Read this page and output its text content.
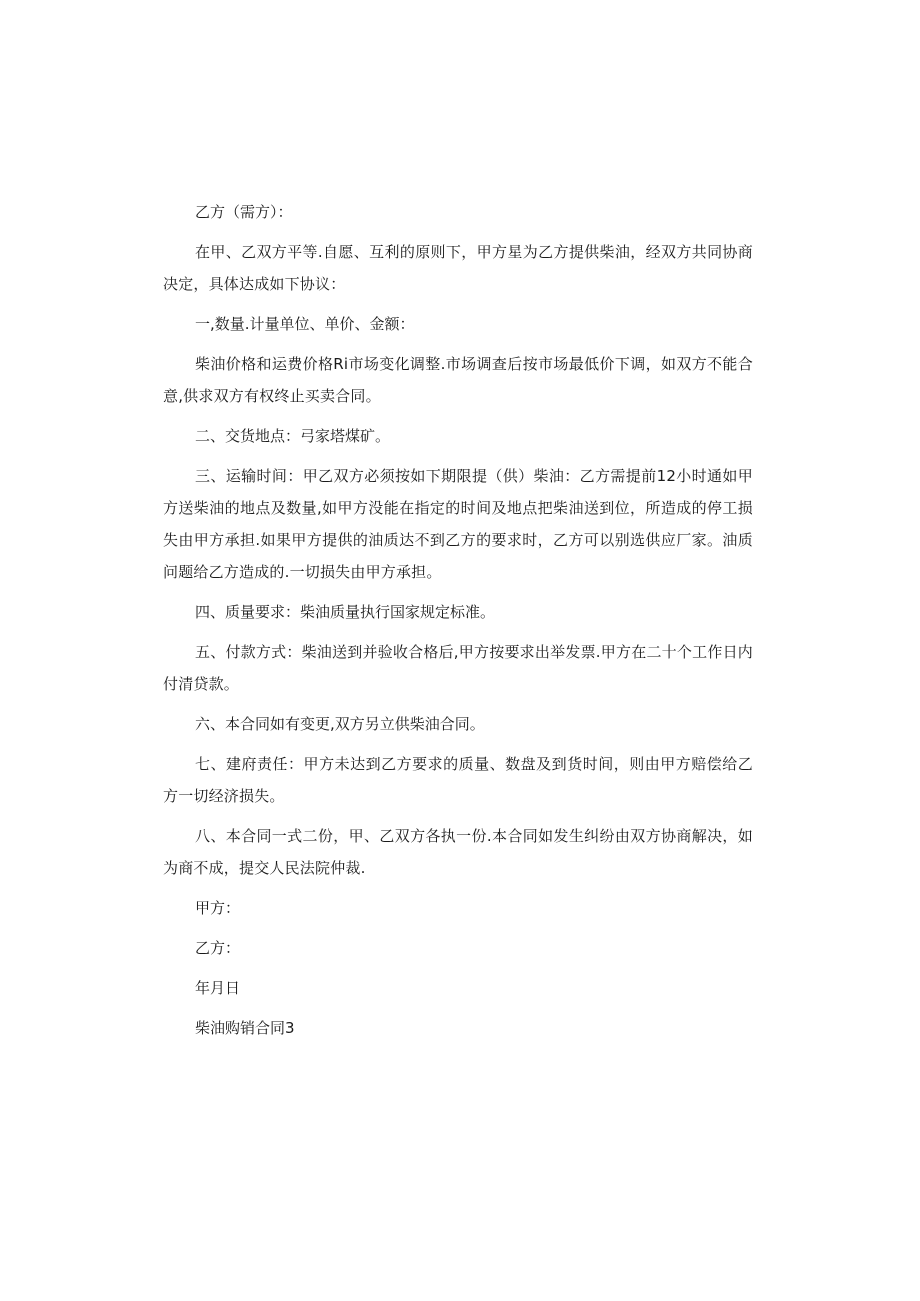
乙方（需方）：

在甲、乙双方平等.自愿、互利的原则下，甲方星为乙方提供柴油，经双方共同协商决定，具体达成如下协议：

一,数量.计量单位、单价、金额：

柴油价格和运费价格Ri市场变化调整.市场调查后按市场最低价下调，如双方不能合意,供求双方有权终止买卖合同。

二、交货地点：弓家塔煤矿。

三、运输时间：甲乙双方必须按如下期限提（供）柴油：乙方需提前12小时通如甲方送柴油的地点及数量,如甲方没能在指定的时间及地点把柴油送到位，所造成的停工损失由甲方承担.如果甲方提供的油质达不到乙方的要求时，乙方可以别选供应厂家。油质问题给乙方造成的.一切损失由甲方承担。

四、质量要求：柴油质量执行国家规定标准。

五、付款方式：柴油送到并验收合格后,甲方按要求出举发票.甲方在二十个工作日内付清贷款。

六、本合同如有变更,双方另立供柴油合同。

七、建府责任：甲方未达到乙方要求的质量、数盘及到货时间，则由甲方赔偿给乙方一切经济损失。

八、本合同一式二份，甲、乙双方各执一份.本合同如发生纠纷由双方协商解决，如为商不成，提交人民法院仲裁.

甲方：

乙方：

年月日

柴油购销合同3
